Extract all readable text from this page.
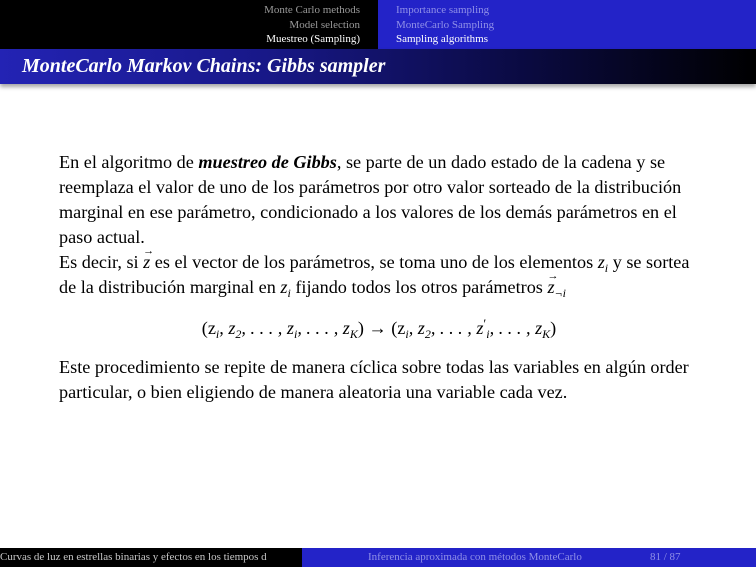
Monte Carlo methods
Model selection
Muestreo (Sampling)
Importance sampling
MonteCarlo Sampling
Sampling algorithms
MonteCarlo Markov Chains: Gibbs sampler

En el algoritmo de muestreo de Gibbs, se parte de un dado estado de la cadena y se reemplaza el valor de uno de los parámetros por otro valor sorteado de la distribución marginal en ese parámetro, condicionado a los valores de los demás parámetros en el paso actual.

Es decir, si → z es el vector de los parámetros, se toma uno de los elementos $z_i$ y se sortea de la distribución marginal en $z_i$ fijando todos los otros parámetros → $z_{\neg i}$

($z_i$, $z_2$, . . . , $z_i$, . . . , $z_K) \to (z_i$, $z_2$, . . . , $z'_i$, . . . , $z_K$)

Este procedimiento se repite de manera cíclica sobre todas las variables en algún order particular, o bien eligiendo de manera aleatoria una variable cada vez.

Curvas de luz en estrellas binarias y efectos en los tiempos d	Inferencia aproximada con métodos MonteCarlo	81 / 87
